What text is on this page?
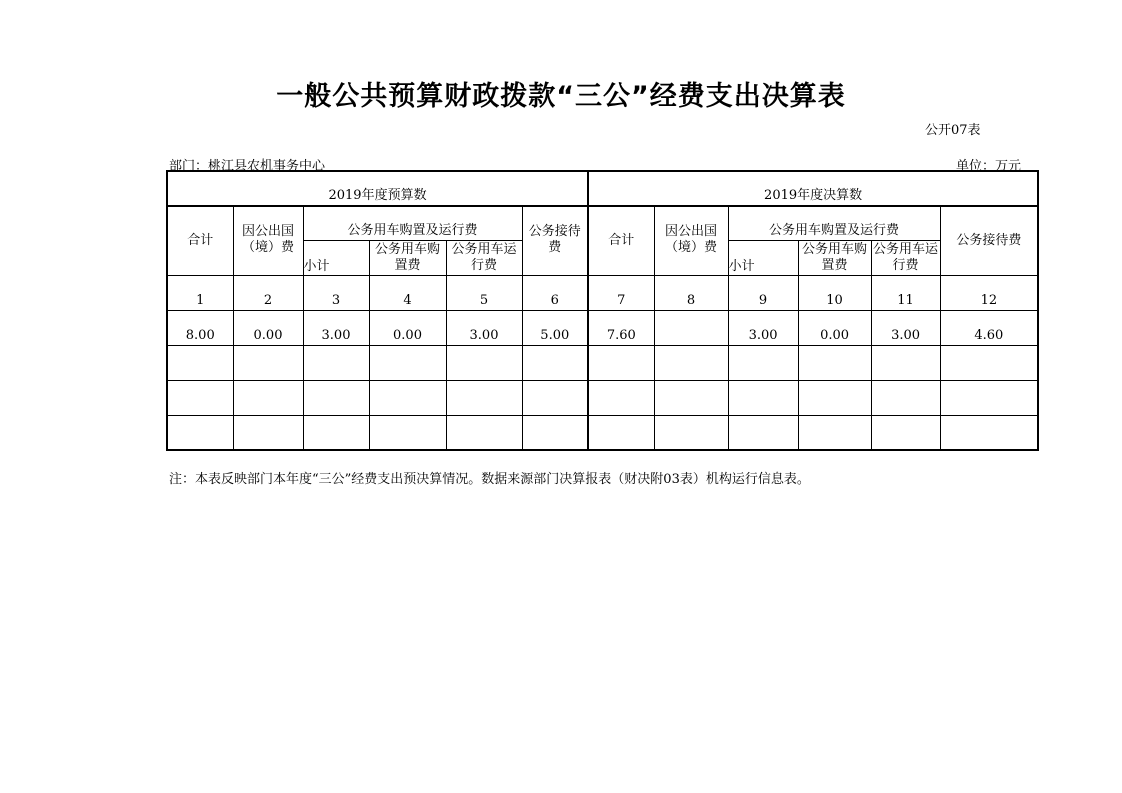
一般公共预算财政拨款“三公”经费支出决算表
公开07表
部门：桃江县农机事务中心	单位：万元
2019年度预算数						2019年度决算数					
合计	因公出国（境）费	公务用车购置及运行费			公务接待费	合计	因公出国（境）费	公务用车购置及运行费			公务接待费
		小计	公务用车购置费	公务用车运行费				小计	公务用车购置费	公务用车运行费	
1	2	3	4	5	6	7	8	9	10	11	12
8.00	0.00	3.00	0.00	3.00	5.00	7.60		3.00	0.00	3.00	4.60

注：本表反映部门本年度“三公”经费支出预决算情况。数据来源部门决算报表（财决附03表）机构运行信息表。
